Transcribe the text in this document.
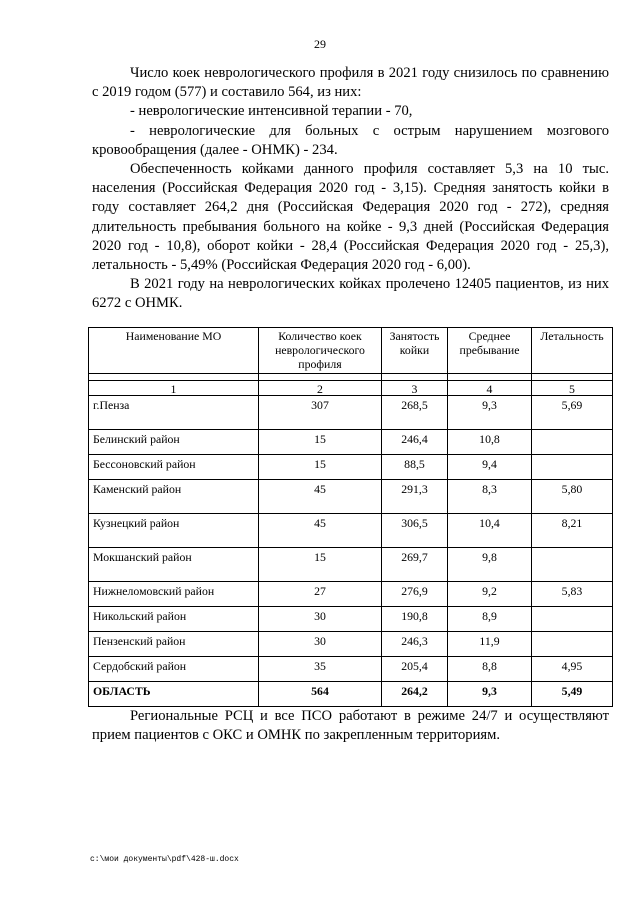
29

Число коек неврологического профиля в 2021 году снизилось по сравнению с 2019 годом (577) и составило 564, из них:

- неврологические интенсивной терапии - 70,

- неврологические для больных с острым нарушением мозгового кровообращения (далее - ОНМК) - 234.

Обеспеченность койками данного профиля составляет 5,3 на 10 тыс. населения (Российская Федерация 2020 год - 3,15). Средняя занятость койки в году составляет 264,2 дня (Российская Федерация 2020 год - 272), средняя длительность пребывания больного на койке - 9,3 дней (Российская Федерация 2020 год - 10,8), оборот койки - 28,4 (Российская Федерация 2020 год - 25,3), летальность - 5,49% (Российская Федерация 2020 год - 6,00).

В 2021 году на неврологических койках пролечено 12405 пациентов, из них 6272 с ОНМК.

Наименование МО	Количество коек неврологического профиля	Занятость койки	Среднее пребывание	Летальность

1	2	3	4	5
г.Пенза	307	268,5	9,3	5,69
Белинский район	15	246,4	10,8	
Бессоновский район	15	88,5	9,4	
Каменский район	45	291,3	8,3	5,80
Кузнецкий район	45	306,5	10,4	8,21
Мокшанский район	15	269,7	9,8	
Нижнеломовский район	27	276,9	9,2	5,83
Никольский район	30	190,8	8,9	
Пензенский район	30	246,3	11,9	
Сердобский район	35	205,4	8,8	4,95
ОБЛАСТЬ	564	264,2	9,3	5,49

Региональные РСЦ и все ПСО работают в режиме 24/7 и осуществляют прием пациентов с ОКС и ОМНК по закрепленным территориям.

c:\мои документы\pdf\428-ш.docx
